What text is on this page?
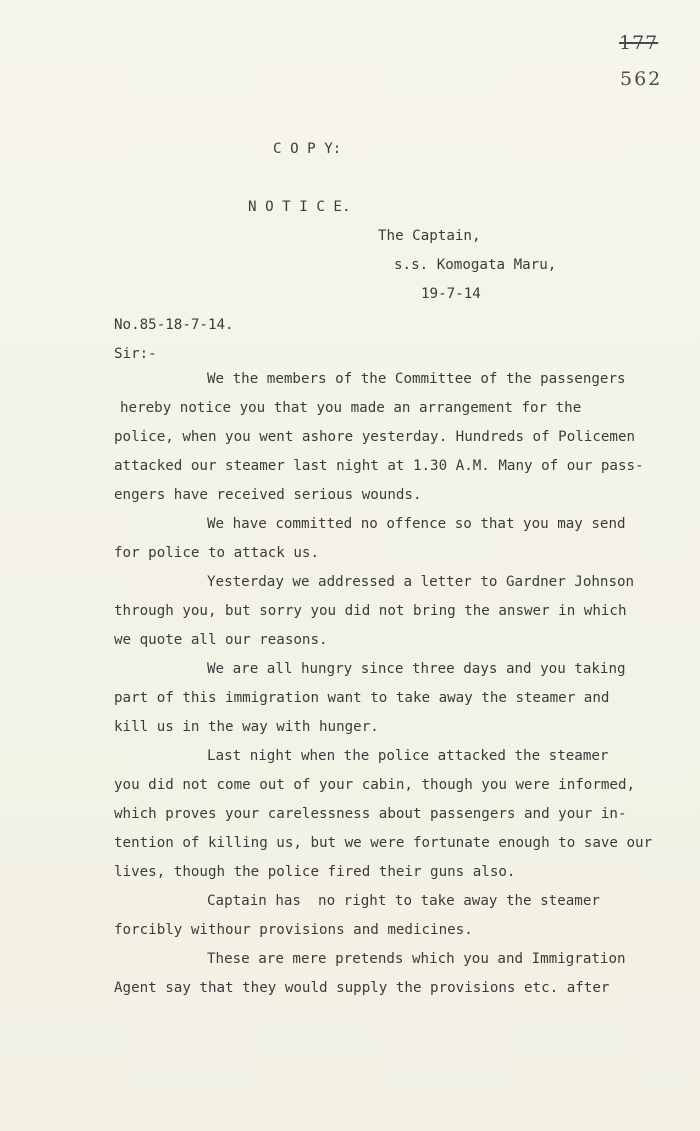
177
562
C O P Y:
N O T I C E.
The Captain,
s.s. Komogata Maru,
19-7-14
No.85-18-7-14.
Sir:-
We the members of the Committee of the passengers
hereby notice you that you made an arrangement for the
police, when you went ashore yesterday. Hundreds of Policemen
attacked our steamer last night at 1.30 A.M. Many of our pass-
engers have received serious wounds.
We have committed no offence so that you may send
for police to attack us.
Yesterday we addressed a letter to Gardner Johnson
through you, but sorry you did not bring the answer in which
we quote all our reasons.
We are all hungry since three days and you taking
part of this immigration want to take away the steamer and
kill us in the way with hunger.
Last night when the police attacked the steamer
you did not come out of your cabin, though you were informed,
which proves your carelessness about passengers and your in-
tention of killing us, but we were fortunate enough to save our
lives, though the police fired their guns also.
Captain has  no right to take away the steamer
forcibly withour provisions and medicines.
These are mere pretends which you and Immigration
Agent say that they would supply the provisions etc. after
